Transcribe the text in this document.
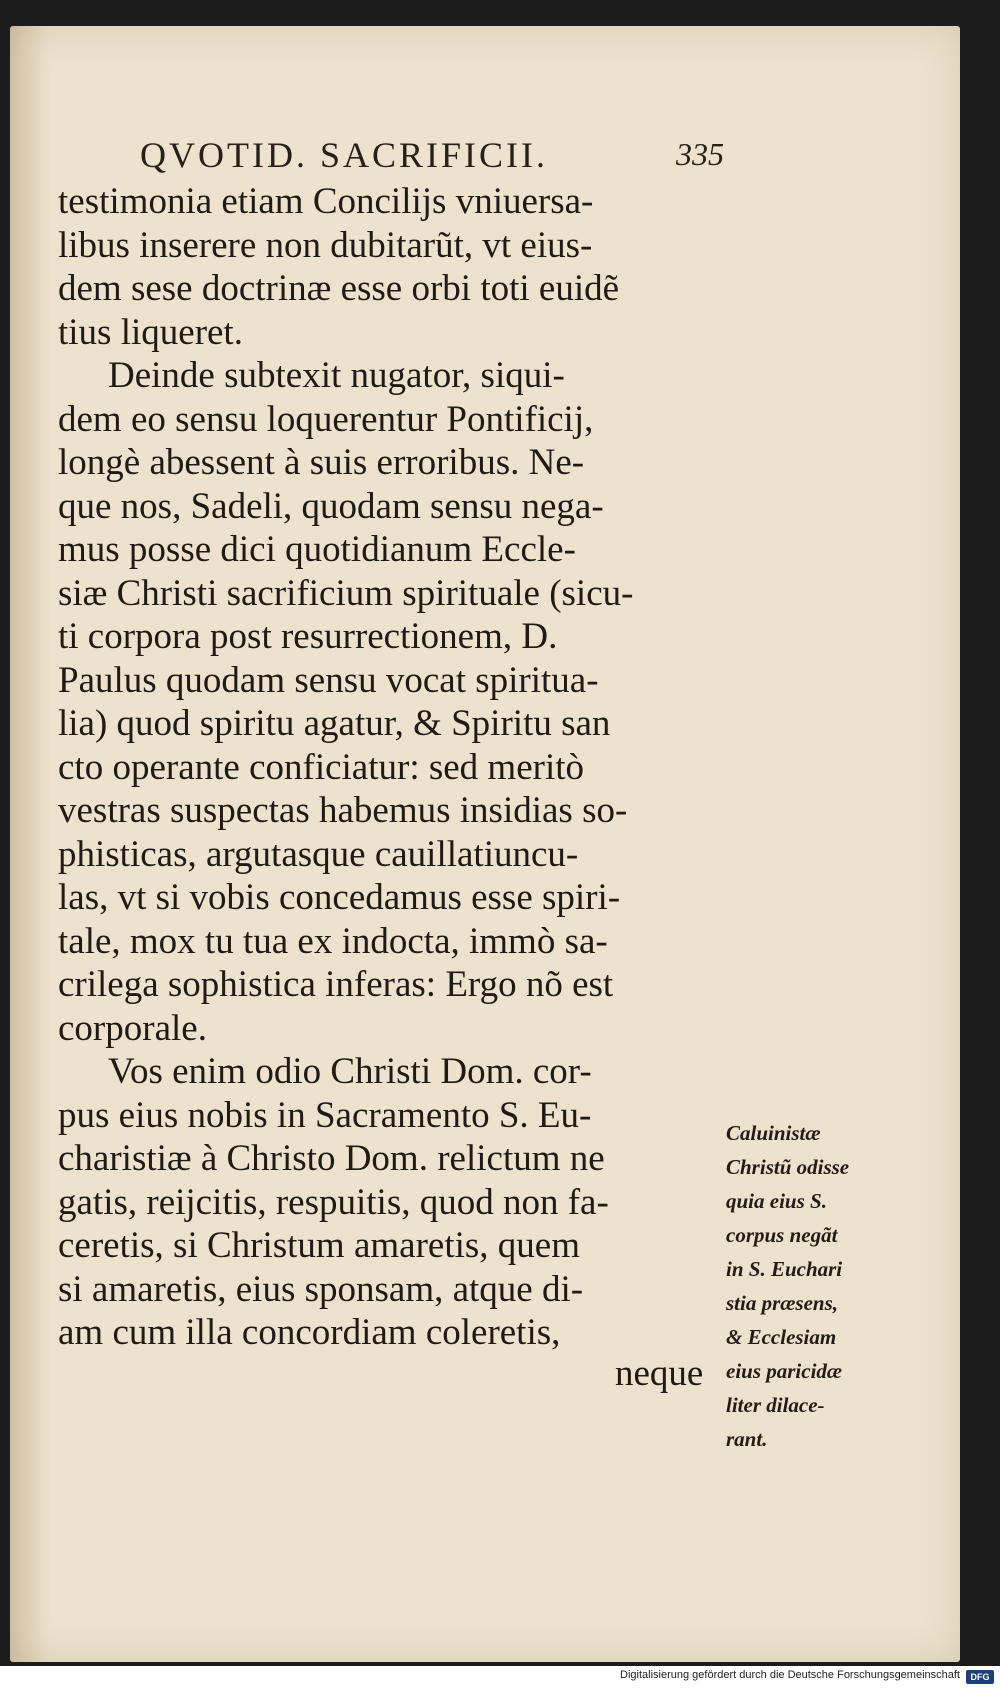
QVOTID. SACRIFICII.	335
testimonia etiam Concilijs vniuersa-
libus inserere non dubitarũt, vt eius-
dem sese doctrinæ esse orbi toti euidẽ
tius liqueret.
Deinde subtexit nugator, siqui-
dem eo sensu loquerentur Pontificij,
longè abessent à suis erroribus. Ne-
que nos, Sadeli, quodam sensu nega-
mus posse dici quotidianum Eccle-
siæ Christi sacrificium spirituale (sicu-
ti corpora post resurrectionem, D.
Paulus quodam sensu vocat spiritua-
lia) quod spiritu agatur, & Spiritu san
cto operante conficiatur: sed meritò
vestras suspectas habemus insidias so-
phisticas, argutasque cauillatiuncu-
las, vt si vobis concedamus esse spiri-
tale, mox tu tua ex indocta, immò sa-
crilega sophistica inferas: Ergo nõ est
corporale.
Vos enim odio Christi Dom. cor-
pus eius nobis in Sacramento S. Eu-
charistiæ à Christo Dom. relictum ne
gatis, reijcitis, respuitis, quod non fa-
ceretis, si Christum amaretis, quem
si amaretis, eius sponsam, atque di-
am cum illa concordiam coleretis,
neque
Caluinistæ
Christũ odisse
quia eius S.
corpus negãt
in S. Euchari
stia præsens,
& Ecclesiam
eius paricidæ
liter dilace-
rant.
Digitalisierung gefördert durch die Deutsche Forschungsgemeinschaft	DFG
